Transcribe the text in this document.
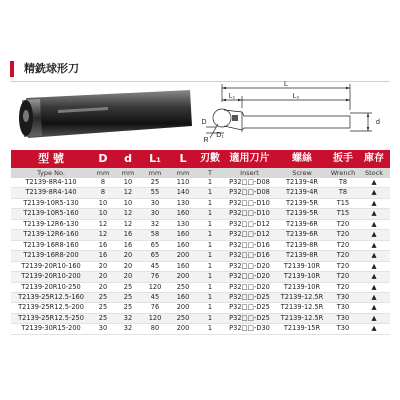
精銑球形刀
L
L₁	L₂
d
D
D₁
R
型 號	D	d	L₁	L	刃數	適用刀片	螺絲	扳手	庫存
Type No.	mm	mm	mm	mm	T	Insert	Screw	Wrench	Stock
T2139-8R4-110	8	10	25	110	1	P32□□-D08	T2139-4R	T8	▲
T2139-8R4-140	8	12	55	140	1	P32□□-D08	T2139-4R	T8	▲
T2139-10R5-130	10	10	30	130	1	P32□□-D10	T2139-5R	T15	▲
T2139-10R5-160	10	12	30	160	1	P32□□-D10	T2139-5R	T15	▲
T2139-12R6-130	12	12	32	130	1	P32□□-D12	T2139-6R	T20	▲
T2139-12R6-160	12	16	58	160	1	P32□□-D12	T2139-6R	T20	▲
T2139-16R8-160	16	16	65	160	1	P32□□-D16	T2139-8R	T20	▲
T2139-16R8-200	16	20	65	200	1	P32□□-D16	T2139-8R	T20	▲
T2139-20R10-160	20	20	45	160	1	P32□□-D20	T2139-10R	T20	▲
T2139-20R10-200	20	20	76	200	1	P32□□-D20	T2139-10R	T20	▲
T2139-20R10-250	20	25	120	250	1	P32□□-D20	T2139-10R	T20	▲
T2139-25R12.5-160	25	25	45	160	1	P32□□-D25	T2139-12.5R	T30	▲
T2139-25R12.5-200	25	25	76	200	1	P32□□-D25	T2139-12.5R	T30	▲
T2139-25R12.5-250	25	32	120	250	1	P32□□-D25	T2139-12.5R	T30	▲
T2139-30R15-200	30	32	80	200	1	P32□□-D30	T2139-15R	T30	▲
